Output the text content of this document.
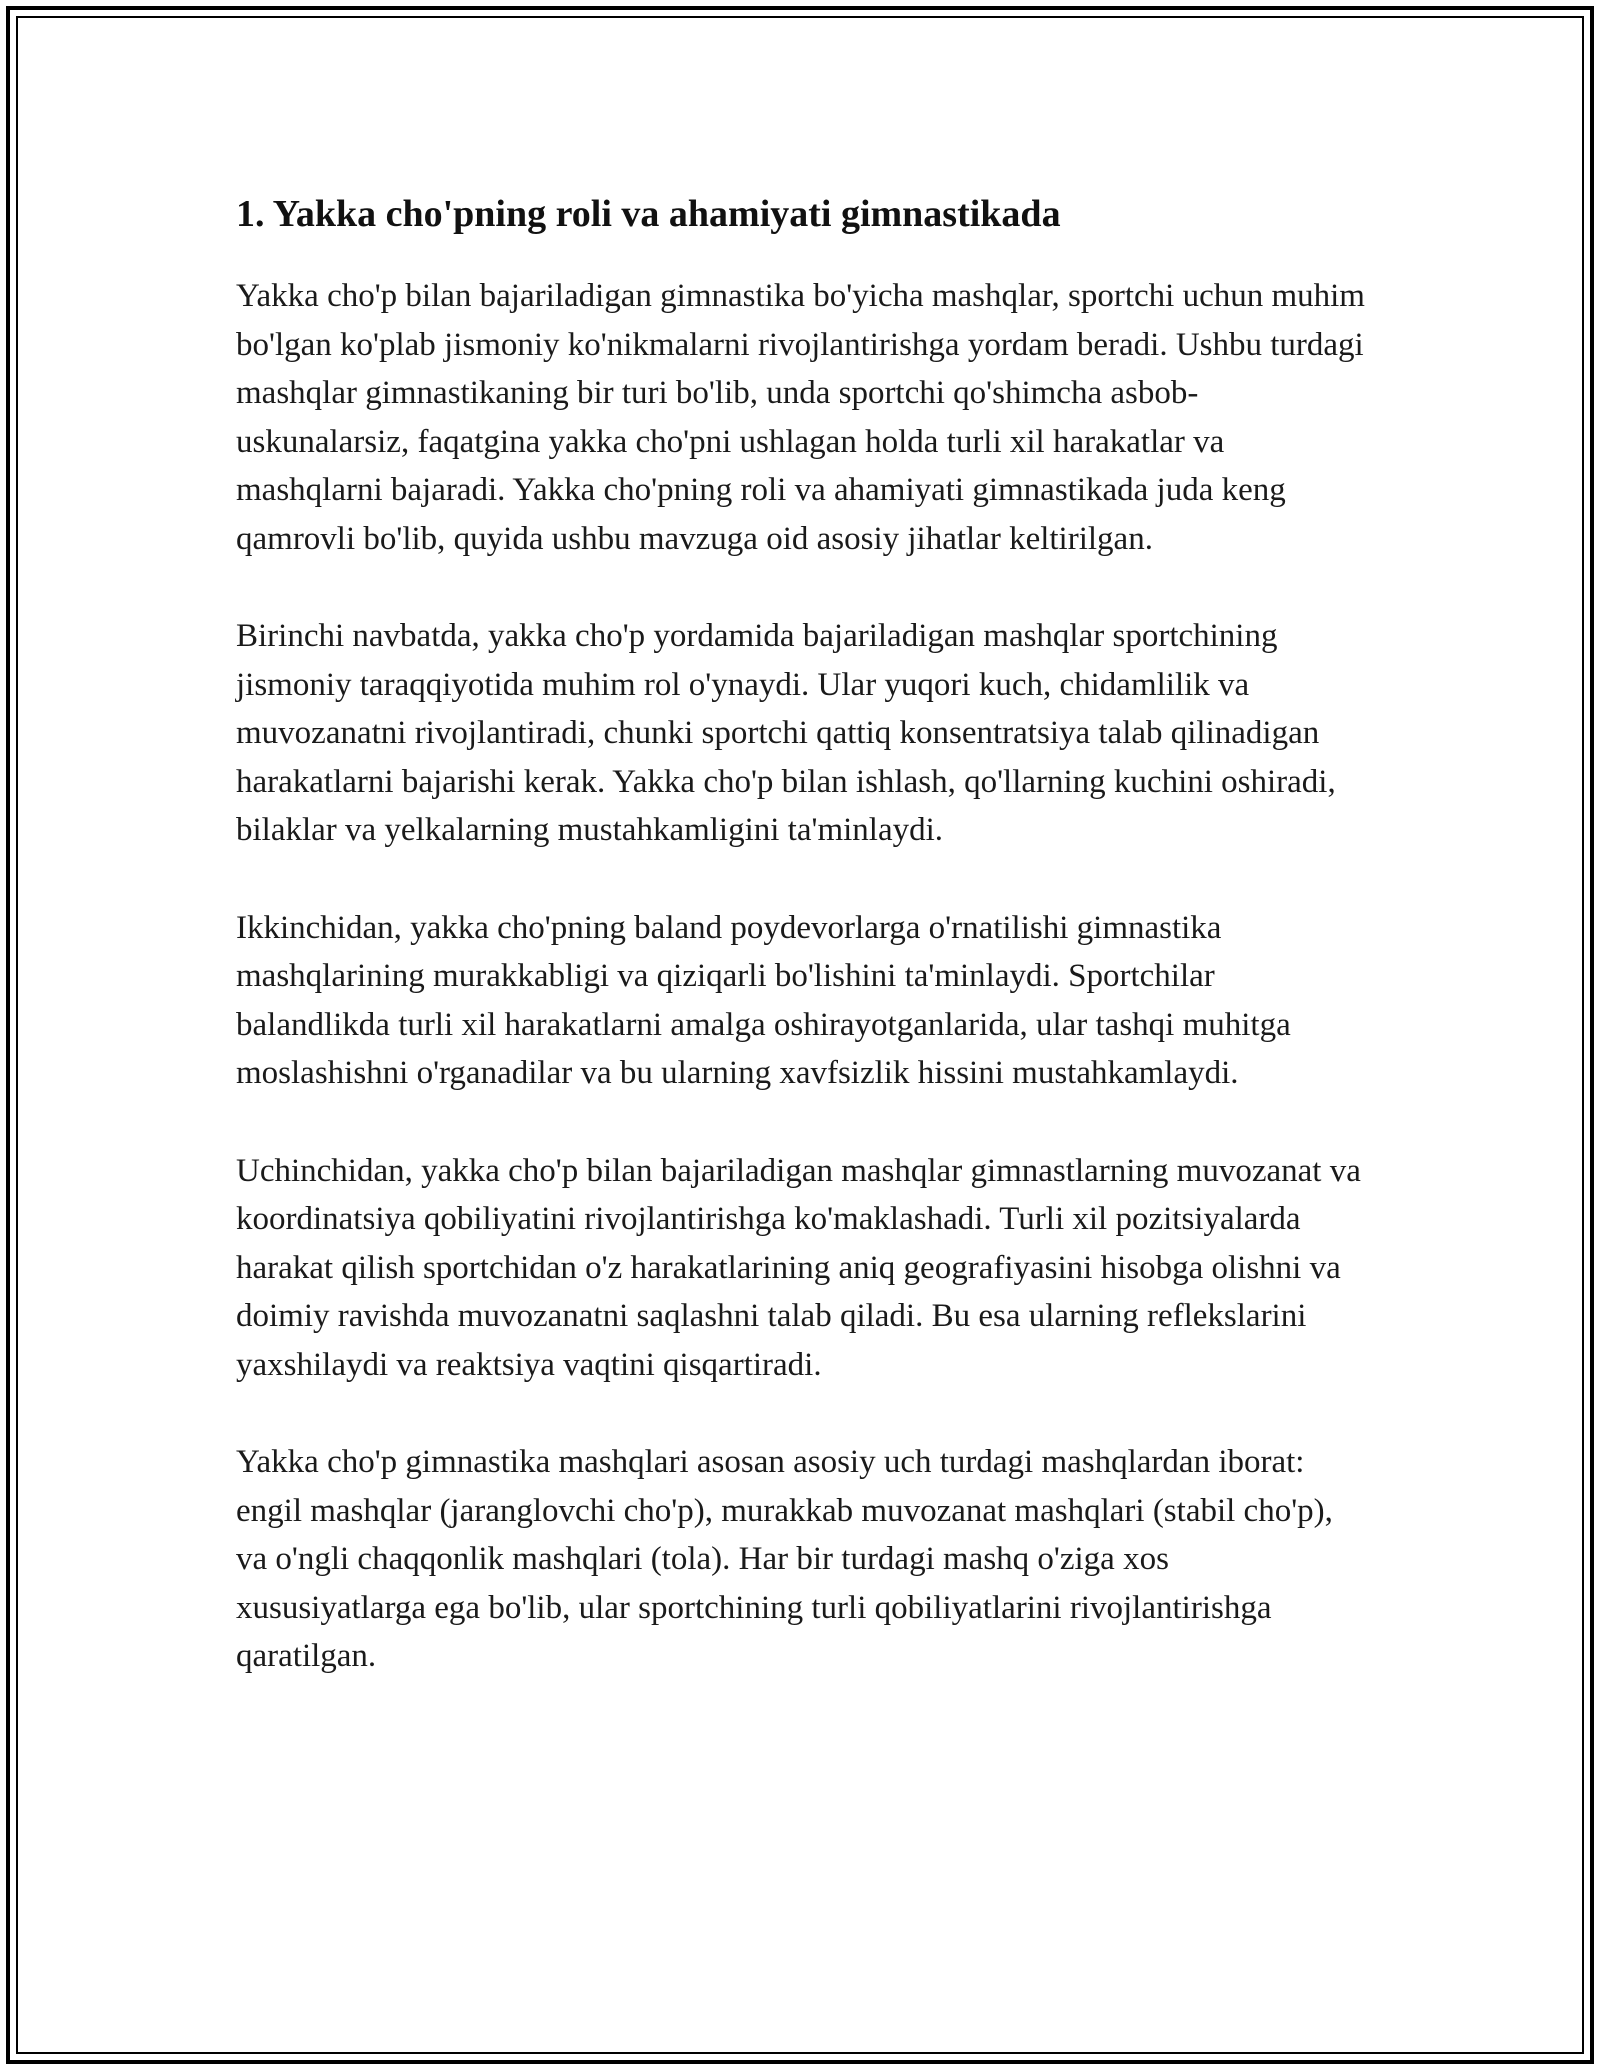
1. Yakka cho'pning roli va ahamiyati gimnastikada

Yakka cho'p bilan bajariladigan gimnastika bo'yicha mashqlar, sportchi uchun muhim bo'lgan ko'plab jismoniy ko'nikmalarni rivojlantirishga yordam beradi. Ushbu turdagi mashqlar gimnastikaning bir turi bo'lib, unda sportchi qo'shimcha asbob-uskunalarsiz, faqatgina yakka cho'pni ushlagan holda turli xil harakatlar va mashqlarni bajaradi. Yakka cho'pning roli va ahamiyati gimnastikada juda keng qamrovli bo'lib, quyida ushbu mavzuga oid asosiy jihatlar keltirilgan.

Birinchi navbatda, yakka cho'p yordamida bajariladigan mashqlar sportchining jismoniy taraqqiyotida muhim rol o'ynaydi. Ular yuqori kuch, chidamlilik va muvozanatni rivojlantiradi, chunki sportchi qattiq konsentratsiya talab qilinadigan harakatlarni bajarishi kerak. Yakka cho'p bilan ishlash, qo'llarning kuchini oshiradi, bilaklar va yelkalarning mustahkamligini ta'minlaydi.

Ikkinchidan, yakka cho'pning baland poydevorlarga o'rnatilishi gimnastika mashqlarining murakkabligi va qiziqarli bo'lishini ta'minlaydi. Sportchilar balandlikda turli xil harakatlarni amalga oshirayotganlarida, ular tashqi muhitga moslashishni o'rganadilar va bu ularning xavfsizlik hissini mustahkamlaydi.

Uchinchidan, yakka cho'p bilan bajariladigan mashqlar gimnastlarning muvozanat va koordinatsiya qobiliyatini rivojlantirishga ko'maklashadi. Turli xil pozitsiyalarda harakat qilish sportchidan o'z harakatlarining aniq geografiyasini hisobga olishni va doimiy ravishda muvozanatni saqlashni talab qiladi. Bu esa ularning reflekslarini yaxshilaydi va reaktsiya vaqtini qisqartiradi.

Yakka cho'p gimnastika mashqlari asosan asosiy uch turdagi mashqlardan iborat: engil mashqlar (jaranglovchi cho'p), murakkab muvozanat mashqlari (stabil cho'p), va o'ngli chaqqonlik mashqlari (tola). Har bir turdagi mashq o'ziga xos xususiyatlarga ega bo'lib, ular sportchining turli qobiliyatlarini rivojlantirishga qaratilgan.
